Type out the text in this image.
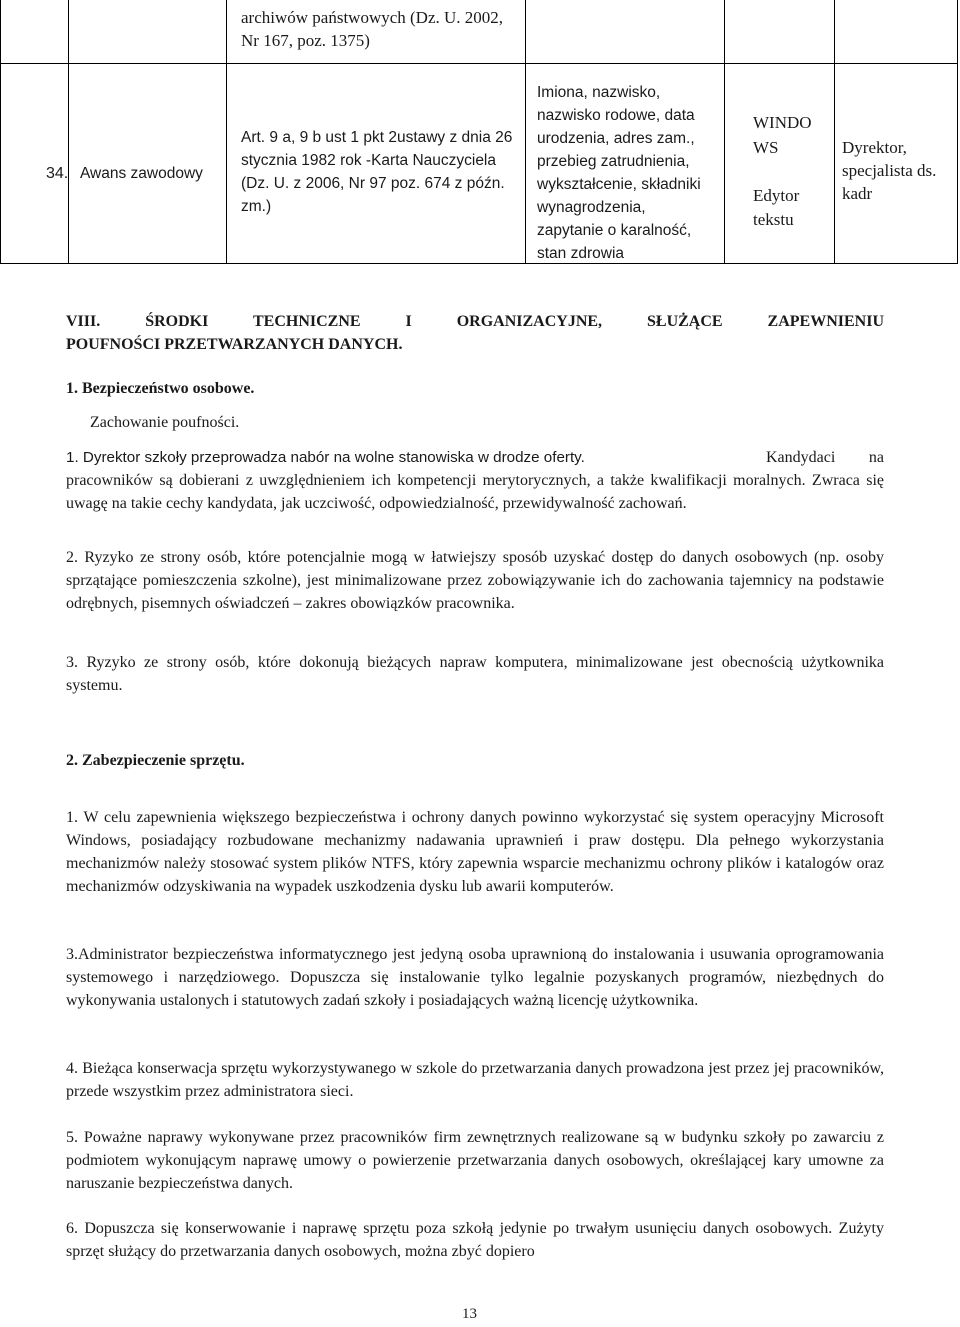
archiwów państwowych (Dz. U. 2002, Nr 167, poz. 1375)
34. Awans zawodowy
Art. 9 a, 9 b ust 1 pkt 2ustawy z dnia 26 stycznia 1982 rok -Karta Nauczyciela (Dz. U. z 2006, Nr 97 poz. 674 z późn. zm.)
Imiona, nazwisko, nazwisko rodowe, data urodzenia, adres zam., przebieg zatrudnienia, wykształcenie, składniki wynagrodzenia, zapytanie o karalność, stan zdrowia
WINDO WS
Edytor tekstu
Dyrektor, specjalista ds. kadr
VIII. ŚRODKI TECHNICZNE I ORGANIZACYJNE, SŁUŻĄCE ZAPEWNIENIU
POUFNOŚCI PRZETWARZANYCH DANYCH.
1. Bezpieczeństwo osobowe.
Zachowanie poufności.
1. Dyrektor szkoły przeprowadza nabór na wolne stanowiska w drodze oferty.	Kandydaci na pracowników są dobierani z uwzględnieniem ich kompetencji merytorycznych, a także kwalifikacji moralnych. Zwraca się uwagę na takie cechy kandydata, jak uczciwość, odpowiedzialność, przewidywalność zachowań.
2. Ryzyko ze strony osób, które potencjalnie mogą w łatwiejszy sposób uzyskać dostęp do danych osobowych (np. osoby sprzątające pomieszczenia szkolne), jest minimalizowane przez zobowiązywanie ich do zachowania tajemnicy na podstawie odrębnych, pisemnych oświadczeń – zakres obowiązków pracownika.
3. Ryzyko ze strony osób, które dokonują bieżących napraw komputera, minimalizowane jest obecnością użytkownika systemu.
2. Zabezpieczenie sprzętu.
1. W celu zapewnienia większego bezpieczeństwa i ochrony danych powinno wykorzystać się system operacyjny Microsoft Windows, posiadający rozbudowane mechanizmy nadawania uprawnień i praw dostępu. Dla pełnego wykorzystania mechanizmów należy stosować system plików NTFS, który zapewnia wsparcie mechanizmu ochrony plików i katalogów oraz mechanizmów odzyskiwania na wypadek uszkodzenia dysku lub awarii komputerów.
3.Administrator bezpieczeństwa informatycznego jest jedyną osoba uprawnioną do instalowania i usuwania oprogramowania systemowego i narzędziowego. Dopuszcza się instalowanie tylko legalnie pozyskanych programów, niezbędnych do wykonywania ustalonych i statutowych zadań szkoły i posiadających ważną licencję użytkownika.
4. Bieżąca konserwacja sprzętu wykorzystywanego w szkole do przetwarzania danych prowadzona jest przez jej pracowników, przede wszystkim przez administratora sieci.
5. Poważne naprawy wykonywane przez pracowników firm zewnętrznych realizowane są w budynku szkoły po zawarciu z podmiotem wykonującym naprawę umowy o powierzenie przetwarzania danych osobowych, określającej kary umowne za naruszanie bezpieczeństwa danych.
6. Dopuszcza się konserwowanie i naprawę sprzętu poza szkołą jedynie po trwałym usunięciu danych osobowych. Zużyty sprzęt służący do przetwarzania danych osobowych, można zbyć dopiero
13
